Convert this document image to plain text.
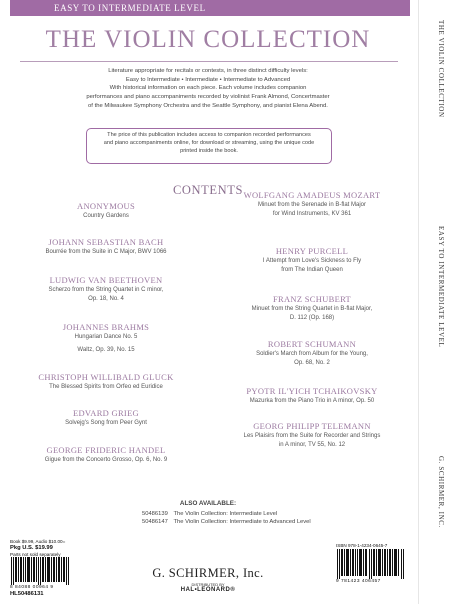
EASY TO INTERMEDIATE LEVEL
THE VIOLIN COLLECTION
Literature appropriate for recitals or contests, in three distinct difficulty levels:
Easy to Intermediate • Intermediate • Intermediate to Advanced
With historical information on each piece. Each volume includes companion
performances and piano accompaniments recorded by violinist Frank Almond, Concertmaster
of the Milwaukee Symphony Orchestra and the Seattle Symphony, and pianist Elena Abend.

The price of this publication includes access to companion recorded performances
and piano accompaniments online, for download or streaming, using the unique code
printed inside the book.

CONTENTS
ANONYMOUS
Country Gardens
JOHANN SEBASTIAN BACH
Bourrée from the Suite in C Major, BWV 1066
LUDWIG VAN BEETHOVEN
Scherzo from the String Quartet in C minor,
Op. 18, No. 4
JOHANNES BRAHMS
Hungarian Dance No. 5
Waltz, Op. 39, No. 15
CHRISTOPH WILLIBALD GLUCK
The Blessed Spirits from Orfeo ed Euridice
EDVARD GRIEG
Solvejg's Song from Peer Gynt
GEORGE FRIDERIC HANDEL
Gigue from the Concerto Grosso, Op. 6, No. 9
WOLFGANG AMADEUS MOZART
Minuet from the Serenade in B-flat Major
for Wind Instruments, KV 361
HENRY PURCELL
I Attempt from Love's Sickness to Fly
from The Indian Queen
FRANZ SCHUBERT
Minuet from the String Quartet in B-flat Major,
D. 112 (Op. 168)
ROBERT SCHUMANN
Soldier's March from Album for the Young,
Op. 68, No. 2
PYOTR IL'YICH TCHAIKOVSKY
Mazurka from the Piano Trio in A minor, Op. 50
GEORG PHILIPP TELEMANN
Les Plaisirs from the Suite for Recorder and Strings
in A minor, TV 55, No. 12
ALSO AVAILABLE:
50486139 The Violin Collection: Intermediate Level
50486147 The Violin Collection: Intermediate to Advanced Level
Book $9.99, Audio $10.00=
Pkg U.S. $19.99
Parts not sold separately
8 84088 00964 9
HL50486131
G. SCHIRMER, Inc.
DISTRIBUTED BY
HAL•LEONARD®
ISBN 978-1-4234-0645-7
9 781423 406457
THE VIOLIN COLLECTION
EASY TO INTERMEDIATE LEVEL
G. SCHIRMER, INC.
